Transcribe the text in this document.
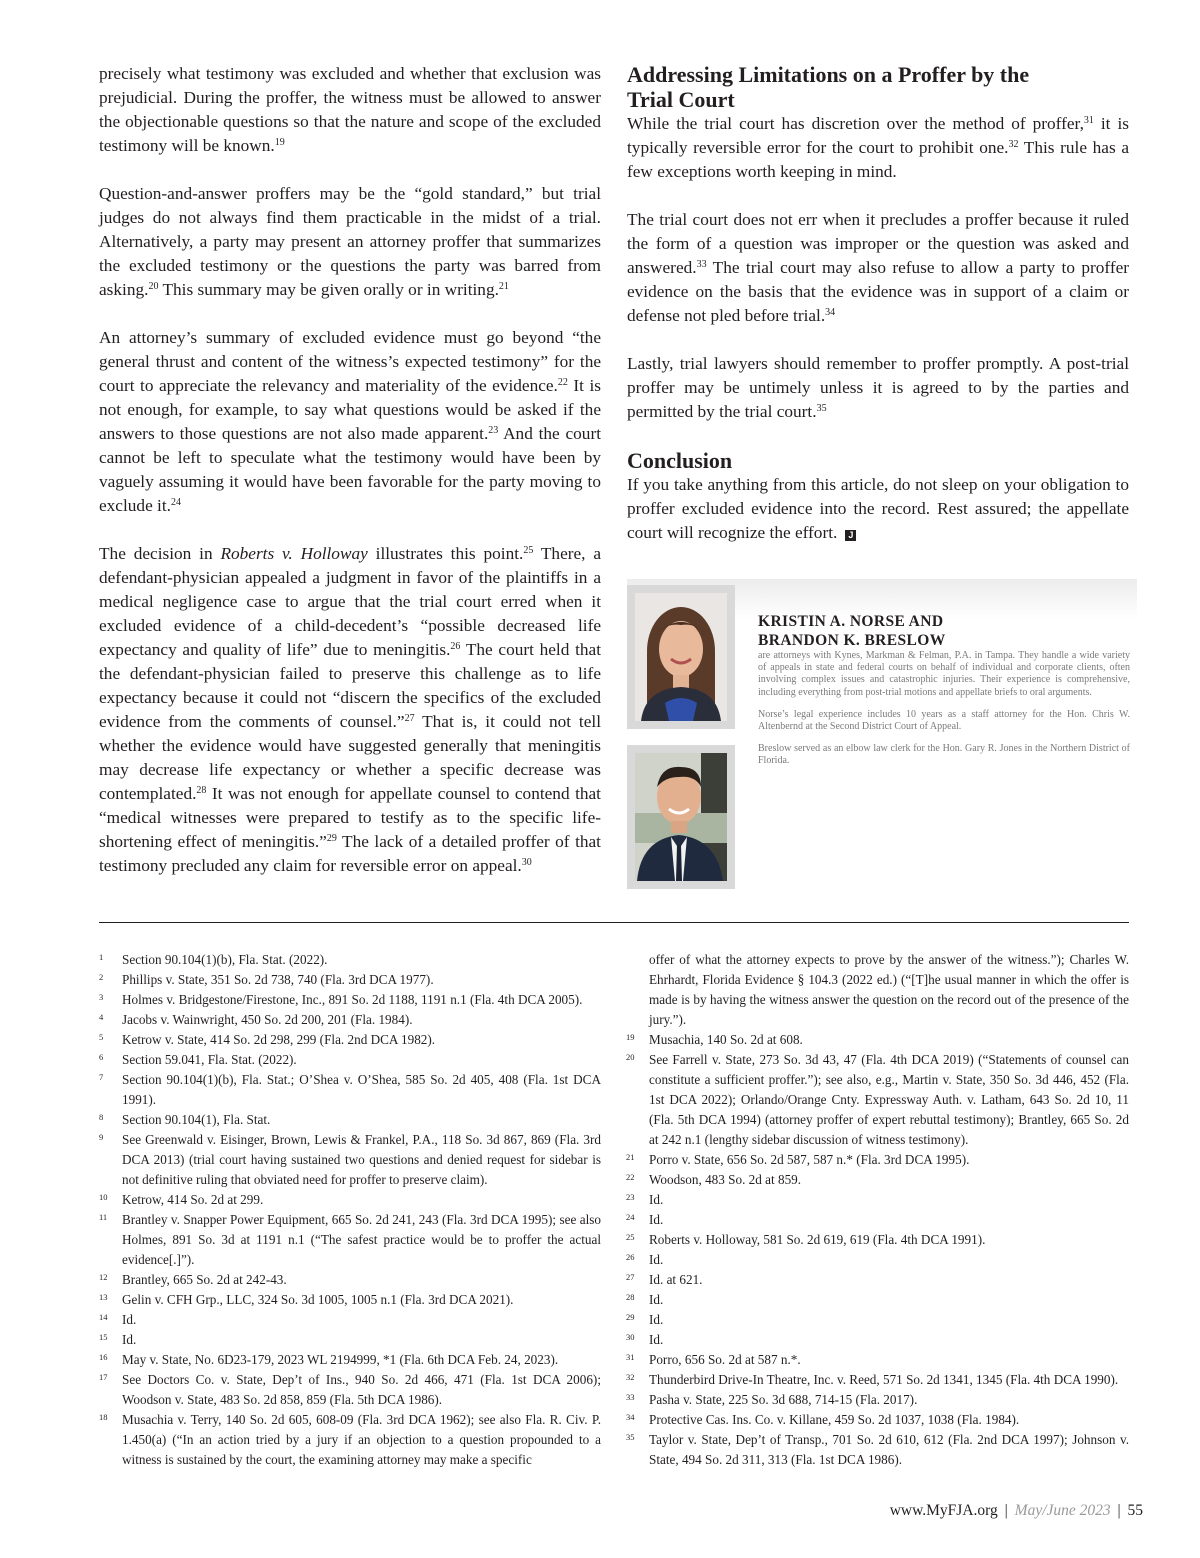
precisely what testimony was excluded and whether that exclusion was prejudicial. During the proffer, the witness must be allowed to answer the objectionable questions so that the nature and scope of the excluded testimony will be known.$^{19}$

Question-and-answer proffers may be the “gold standard,” but trial judges do not always find them practicable in the midst of a trial. Alternatively, a party may present an attorney proffer that summarizes the excluded testimony or the questions the party was barred from asking.$^{20}$ This summary may be given orally or in writing.$^{21}$

An attorney’s summary of excluded evidence must go beyond “the general thrust and content of the witness’s expected testimony” for the court to appreciate the relevancy and materiality of the evidence.$^{22}$ It is not enough, for example, to say what questions would be asked if the answers to those questions are not also made apparent.$^{23}$ And the court cannot be left to speculate what the testimony would have been by vaguely assuming it would have been favorable for the party moving to exclude it.$^{24}$

The decision in Roberts v. Holloway illustrates this point.$^{25}$ There, a defendant-physician appealed a judgment in favor of the plaintiffs in a medical negligence case to argue that the trial court erred when it excluded evidence of a child-decedent’s “possible decreased life expectancy and quality of life” due to meningitis.$^{26}$ The court held that the defendant-physician failed to preserve this challenge as to life expectancy because it could not “discern the specifics of the excluded evidence from the comments of counsel.”$^{27}$ That is, it could not tell whether the evidence would have suggested generally that meningitis may decrease life expectancy or whether a specific decrease was contemplated.$^{28}$ It was not enough for appellate counsel to contend that “medical witnesses were prepared to testify as to the specific life-shortening effect of meningitis.”$^{29}$ The lack of a detailed proffer of that testimony precluded any claim for reversible error on appeal.$^{30}$

Addressing Limitations on a Proffer by the
Trial Court

While the trial court has discretion over the method of proffer,$^{31}$ it is typically reversible error for the court to prohibit one.$^{32}$ This rule has a few exceptions worth keeping in mind.

The trial court does not err when it precludes a proffer because it ruled the form of a question was improper or the question was asked and answered.$^{33}$ The trial court may also refuse to allow a party to proffer evidence on the basis that the evidence was in support of a claim or defense not pled before trial.$^{34}$

Lastly, trial lawyers should remember to proffer promptly. A post-trial proffer may be untimely unless it is agreed to by the parties and permitted by the trial court.$^{35}$

Conclusion

If you take anything from this article, do not sleep on your obligation to proffer excluded evidence into the record. Rest assured; the appellate court will recognize the effort. J

KRISTIN A. NORSE AND
BRANDON K. BRESLOW

are attorneys with Kynes, Markman & Felman, P.A. in Tampa. They handle a wide variety of appeals in state and federal courts on behalf of individual and corporate clients, often involving complex issues and catastrophic injuries. Their experience is comprehensive, including everything from post-trial motions and appellate briefs to oral arguments.

Norse’s legal experience includes 10 years as a staff attorney for the Hon. Chris W. Altenbernd at the Second District Court of Appeal.

Breslow served as an elbow law clerk for the Hon. Gary R. Jones in the Northern District of Florida.

1 Section 90.104(1)(b), Fla. Stat. (2022).

2 Phillips v. State, 351 So. 2d 738, 740 (Fla. 3rd DCA 1977).

3 Holmes v. Bridgestone/Firestone, Inc., 891 So. 2d 1188, 1191 n.1 (Fla. 4th DCA 2005).

4 Jacobs v. Wainwright, 450 So. 2d 200, 201 (Fla. 1984).

5 Ketrow v. State, 414 So. 2d 298, 299 (Fla. 2nd DCA 1982).

6 Section 59.041, Fla. Stat. (2022).

7 Section 90.104(1)(b), Fla. Stat.; O’Shea v. O’Shea, 585 So. 2d 405, 408 (Fla. 1st DCA 1991).

8 Section 90.104(1), Fla. Stat.

9 See Greenwald v. Eisinger, Brown, Lewis & Frankel, P.A., 118 So. 3d 867, 869 (Fla. 3rd DCA 2013) (trial court having sustained two questions and denied request for sidebar is not definitive ruling that obviated need for proffer to preserve claim).

10 Ketrow, 414 So. 2d at 299.

11 Brantley v. Snapper Power Equipment, 665 So. 2d 241, 243 (Fla. 3rd DCA 1995); see also Holmes, 891 So. 3d at 1191 n.1 (“The safest practice would be to proffer the actual evidence[.]”).

12 Brantley, 665 So. 2d at 242-43.

13 Gelin v. CFH Grp., LLC, 324 So. 3d 1005, 1005 n.1 (Fla. 3rd DCA 2021).

14 Id.

15 Id.

16 May v. State, No. 6D23-179, 2023 WL 2194999, *1 (Fla. 6th DCA Feb. 24, 2023).

17 See Doctors Co. v. State, Dep’t of Ins., 940 So. 2d 466, 471 (Fla. 1st DCA 2006); Woodson v. State, 483 So. 2d 858, 859 (Fla. 5th DCA 1986).

18 Musachia v. Terry, 140 So. 2d 605, 608-09 (Fla. 3rd DCA 1962); see also Fla. R. Civ. P. 1.450(a) (“In an action tried by a jury if an objection to a question propounded to a witness is sustained by the court, the examining attorney may make a specific

offer of what the attorney expects to prove by the answer of the witness.”); Charles W. Ehrhardt, Florida Evidence § 104.3 (2022 ed.) (“[T]he usual manner in which the offer is made is by having the witness answer the question on the record out of the presence of the jury.”).

19 Musachia, 140 So. 2d at 608.

20 See Farrell v. State, 273 So. 3d 43, 47 (Fla. 4th DCA 2019) (“Statements of counsel can constitute a sufficient proffer.”); see also, e.g., Martin v. State, 350 So. 3d 446, 452 (Fla. 1st DCA 2022); Orlando/Orange Cnty. Expressway Auth. v. Latham, 643 So. 2d 10, 11 (Fla. 5th DCA 1994) (attorney proffer of expert rebuttal testimony); Brantley, 665 So. 2d at 242 n.1 (lengthy sidebar discussion of witness testimony).

21 Porro v. State, 656 So. 2d 587, 587 n.* (Fla. 3rd DCA 1995).

22 Woodson, 483 So. 2d at 859.

23 Id.

24 Id.

25 Roberts v. Holloway, 581 So. 2d 619, 619 (Fla. 4th DCA 1991).

26 Id.

27 Id. at 621.

28 Id.

29 Id.

30 Id.

31 Porro, 656 So. 2d at 587 n.*.

32 Thunderbird Drive-In Theatre, Inc. v. Reed, 571 So. 2d 1341, 1345 (Fla. 4th DCA 1990).

33 Pasha v. State, 225 So. 3d 688, 714-15 (Fla. 2017).

34 Protective Cas. Ins. Co. v. Killane, 459 So. 2d 1037, 1038 (Fla. 1984).

35 Taylor v. State, Dep’t of Transp., 701 So. 2d 610, 612 (Fla. 2nd DCA 1997); Johnson v. State, 494 So. 2d 311, 313 (Fla. 1st DCA 1986).

www.MyFJA.org | May/June 2023 | 55
